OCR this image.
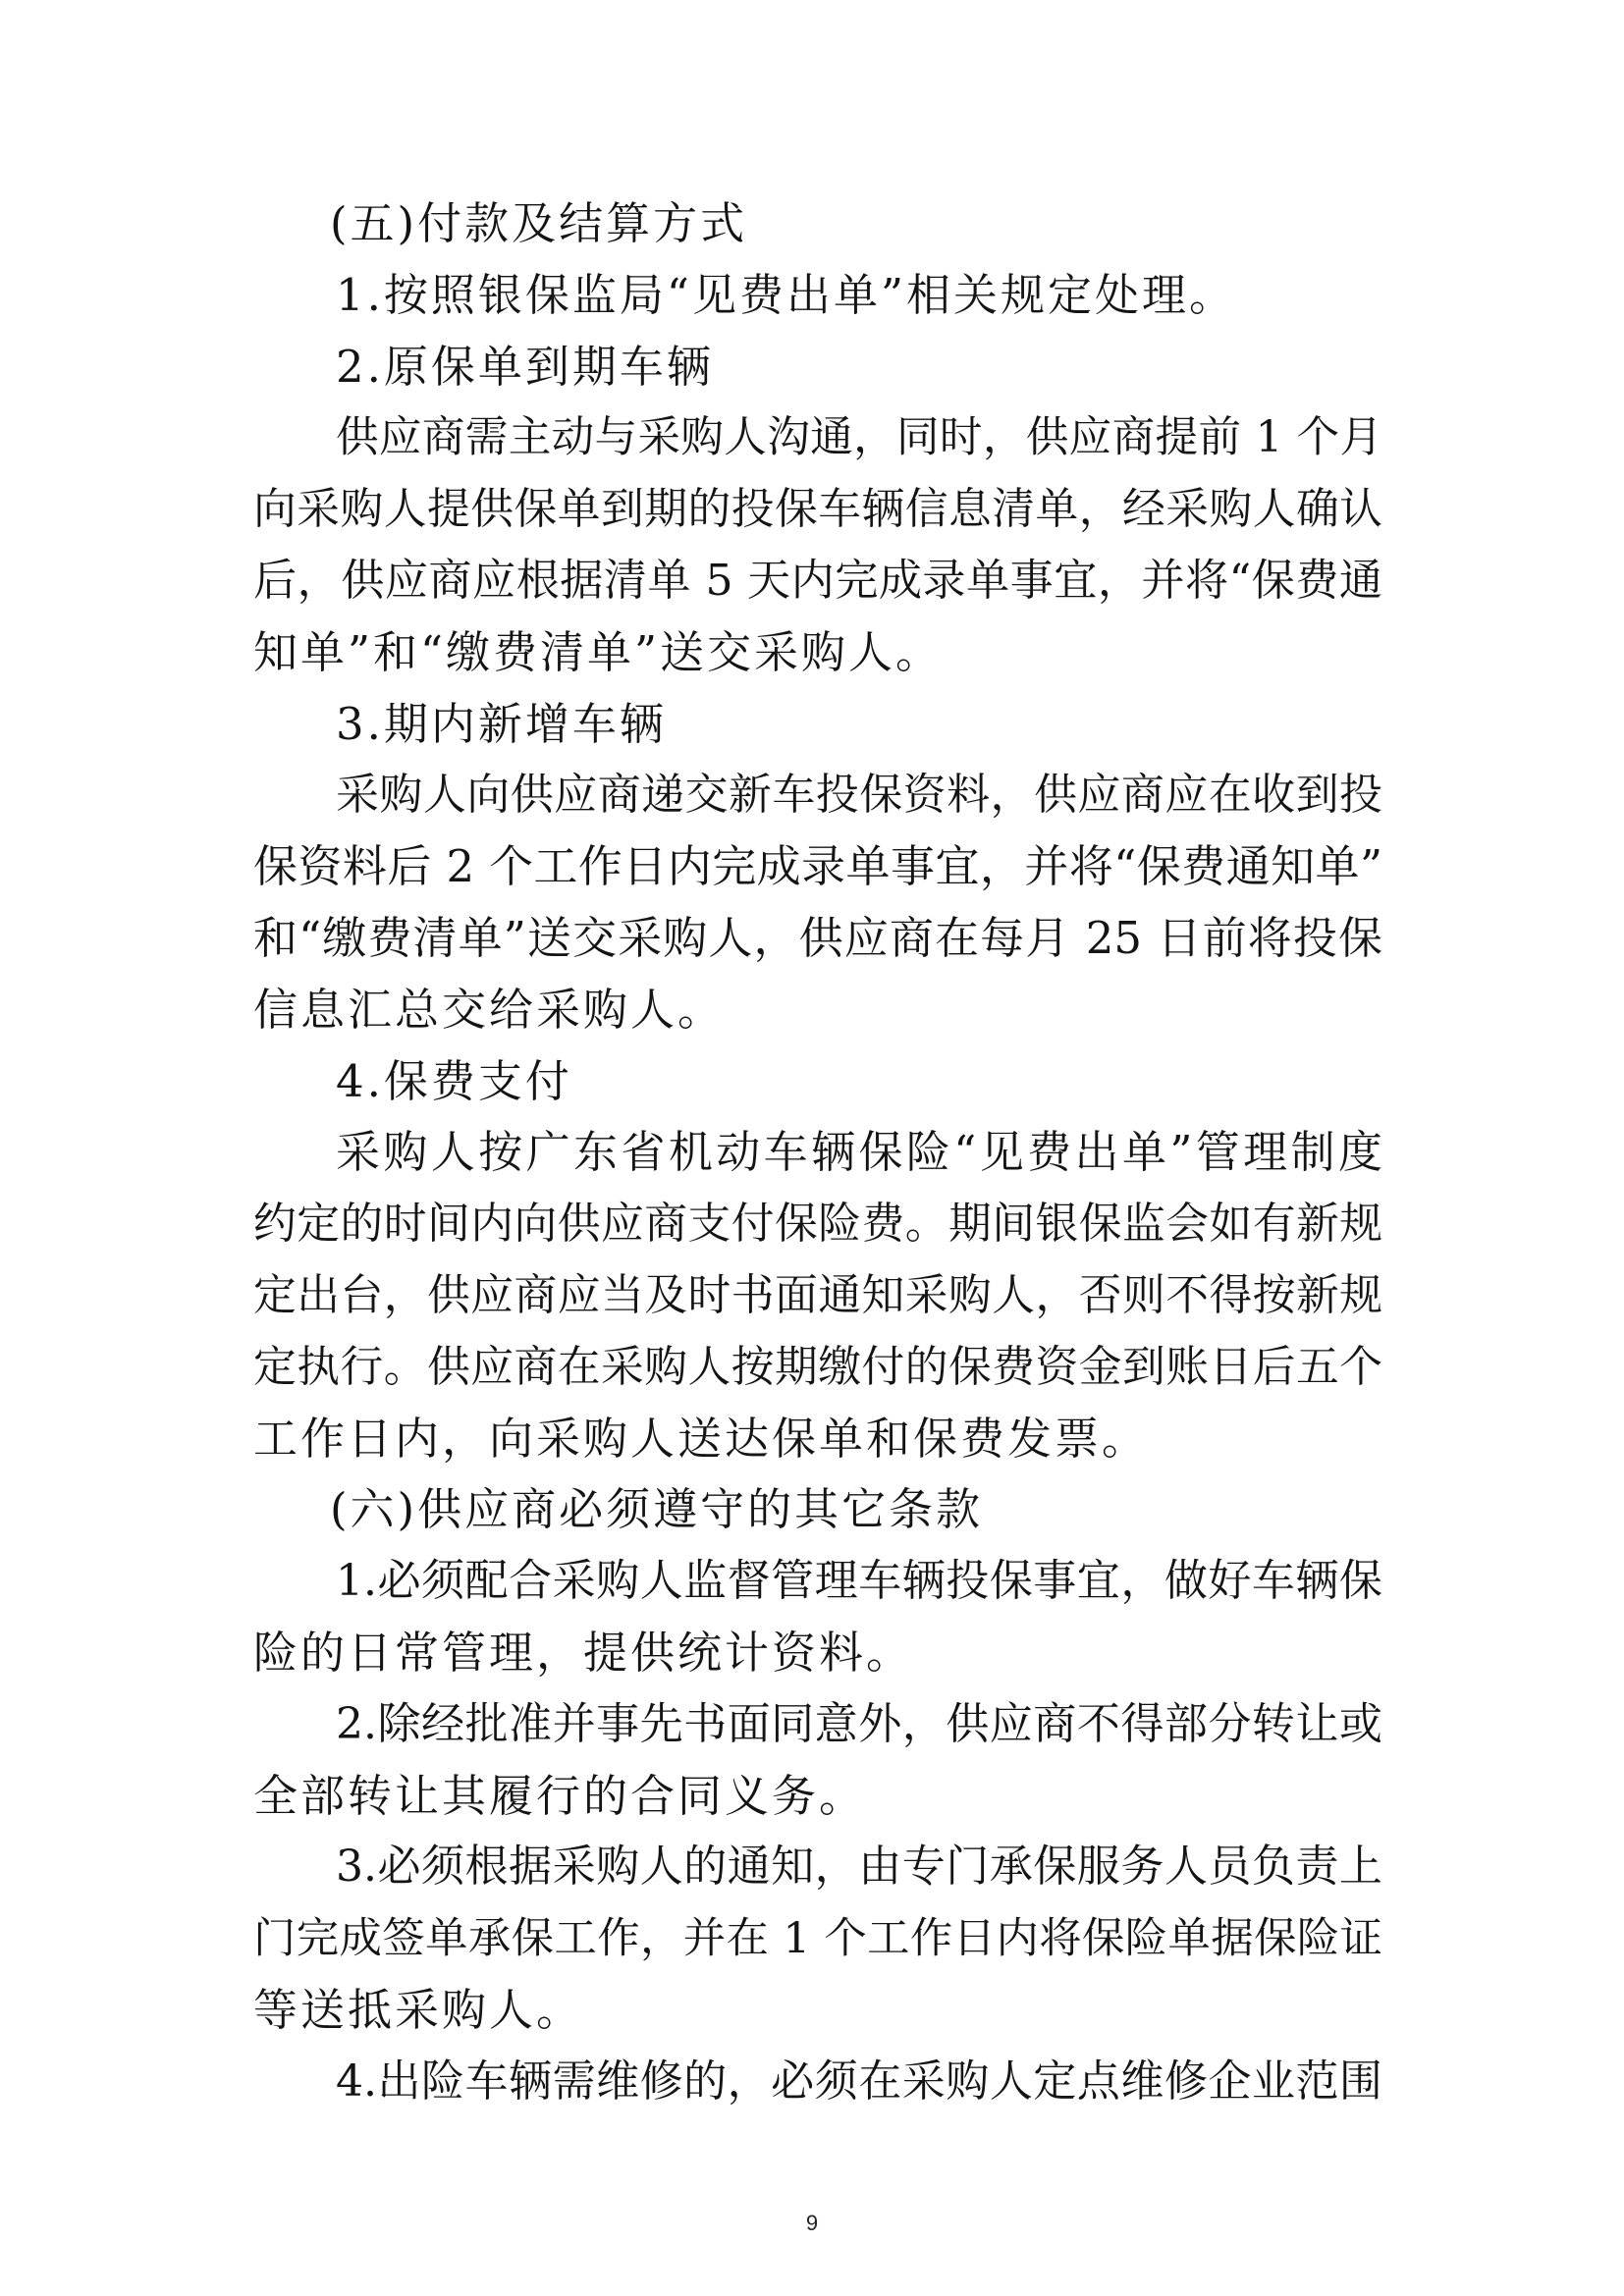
(五)付款及结算方式
1.按照银保监局“见费出单”相关规定处理。
2.原保单到期车辆
供应商需主动与采购人沟通，同时，供应商提前 1 个月
向采购人提供保单到期的投保车辆信息清单，经采购人确认
后，供应商应根据清单 5 天内完成录单事宜，并将“保费通
知单”和“缴费清单”送交采购人。
3.期内新增车辆
采购人向供应商递交新车投保资料，供应商应在收到投
保资料后 2 个工作日内完成录单事宜，并将“保费通知单”
和“缴费清单”送交采购人，供应商在每月 25 日前将投保
信息汇总交给采购人。
4.保费支付
采购人按广东省机动车辆保险“见费出单”管理制度
约定的时间内向供应商支付保险费。期间银保监会如有新规
定出台，供应商应当及时书面通知采购人，否则不得按新规
定执行。供应商在采购人按期缴付的保费资金到账日后五个
工作日内，向采购人送达保单和保费发票。
(六)供应商必须遵守的其它条款
1.必须配合采购人监督管理车辆投保事宜，做好车辆保
险的日常管理，提供统计资料。
2.除经批准并事先书面同意外，供应商不得部分转让或
全部转让其履行的合同义务。
3.必须根据采购人的通知，由专门承保服务人员负责上
门完成签单承保工作，并在 1 个工作日内将保险单据保险证
等送抵采购人。
4.出险车辆需维修的，必须在采购人定点维修企业范围
9
